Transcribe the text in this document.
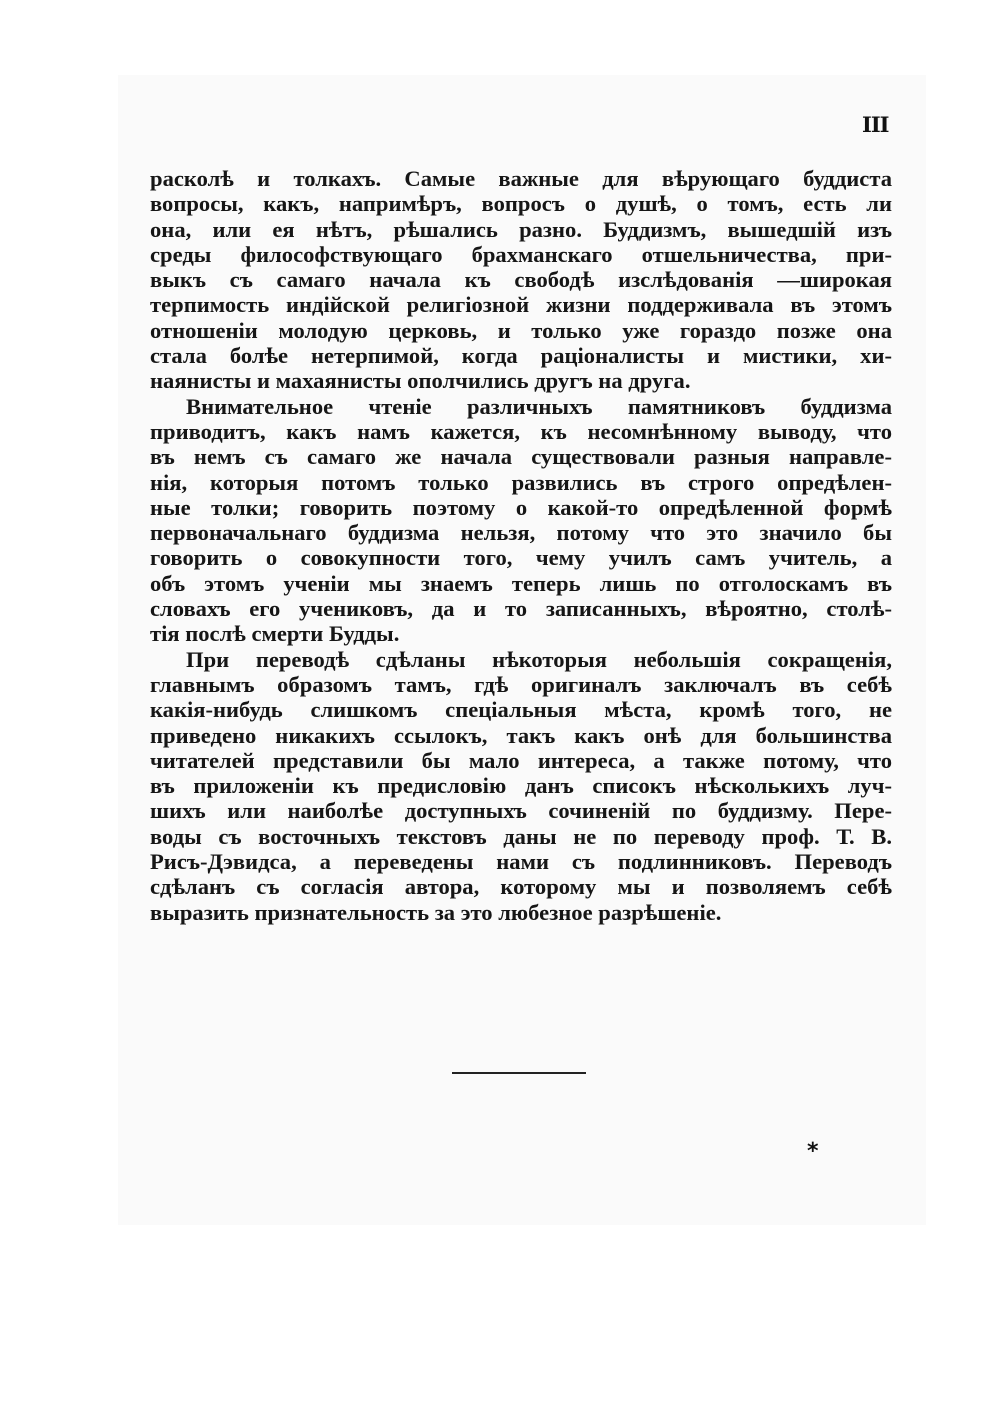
III
расколѣ и толкахъ. Самые важные для вѣрующаго буддиста
вопросы, какъ, напримѣръ, вопросъ о душѣ, о томъ, есть ли
она, или ея нѣтъ, рѣшались разно. Буддизмъ, вышедшій изъ
среды философствующаго брахманскаго отшельничества, при-
выкъ съ самаго начала къ свободѣ изслѣдованія —широкая
терпимость индійской религіозной жизни поддерживала въ этомъ
отношеніи молодую церковь, и только уже гораздо позже она
стала болѣе нетерпимой, когда раціоналисты и мистики, хи-
наянисты и махаянисты ополчились другъ на друга.
Внимательное чтеніе различныхъ памятниковъ буддизма
приводитъ, какъ намъ кажется, къ несомнѣнному выводу, что
въ немъ съ самаго же начала существовали разныя направле-
нія, которыя потомъ только развились въ строго опредѣлен-
ные толки; говорить поэтому о какой-то опредѣленной формѣ
первоначальнаго буддизма нельзя, потому что это значило бы
говорить о совокупности того, чему училъ самъ учитель, а
объ этомъ ученіи мы знаемъ теперь лишь по отголоскамъ въ
словахъ его учениковъ, да и то записанныхъ, вѣроятно, столѣ-
тія послѣ смерти Будды.
При переводѣ сдѣланы нѣкоторыя небольшія сокращенія,
главнымъ образомъ тамъ, гдѣ оригиналъ заключалъ въ себѣ
какія-нибудь слишкомъ спеціальныя мѣста, кромѣ того, не
приведено никакихъ ссылокъ, такъ какъ онѣ для большинства
читателей представили бы мало интереса, а также потому, что
въ приложеніи къ предисловію данъ списокъ нѣсколькихъ луч-
шихъ или наиболѣе доступныхъ сочиненій по буддизму. Пере-
воды съ восточныхъ текстовъ даны не по переводу проф. Т. В.
Рисъ-Дэвидса, а переведены нами съ подлинниковъ. Переводъ
сдѣланъ съ согласія автора, которому мы и позволяемъ себѣ
выразить признательность за это любезное разрѣшеніе.
*
